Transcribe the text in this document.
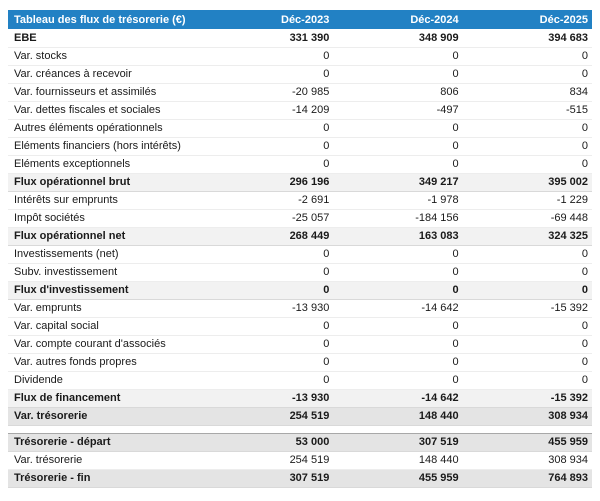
Tableau des flux de trésorerie (€)	Déc-2023	Déc-2024	Déc-2025
EBE	331 390	348 909	394 683
Var. stocks	0	0	0
Var. créances à recevoir	0	0	0
Var. fournisseurs et assimilés	-20 985	806	834
Var. dettes fiscales et sociales	-14 209	-497	-515
Autres éléments opérationnels	0	0	0
Eléments financiers (hors intérêts)	0	0	0
Eléments exceptionnels	0	0	0
Flux opérationnel brut	296 196	349 217	395 002
Intérêts sur emprunts	-2 691	-1 978	-1 229
Impôt sociétés	-25 057	-184 156	-69 448
Flux opérationnel net	268 449	163 083	324 325
Investissements (net)	0	0	0
Subv. investissement	0	0	0
Flux d'investissement	0	0	0
Var. emprunts	-13 930	-14 642	-15 392
Var. capital social	0	0	0
Var. compte courant d'associés	0	0	0
Var. autres fonds propres	0	0	0
Dividende	0	0	0
Flux de financement	-13 930	-14 642	-15 392
Var. trésorerie	254 519	148 440	308 934

Trésorerie - départ	53 000	307 519	455 959
Var. trésorerie	254 519	148 440	308 934
Trésorerie - fin	307 519	455 959	764 893
